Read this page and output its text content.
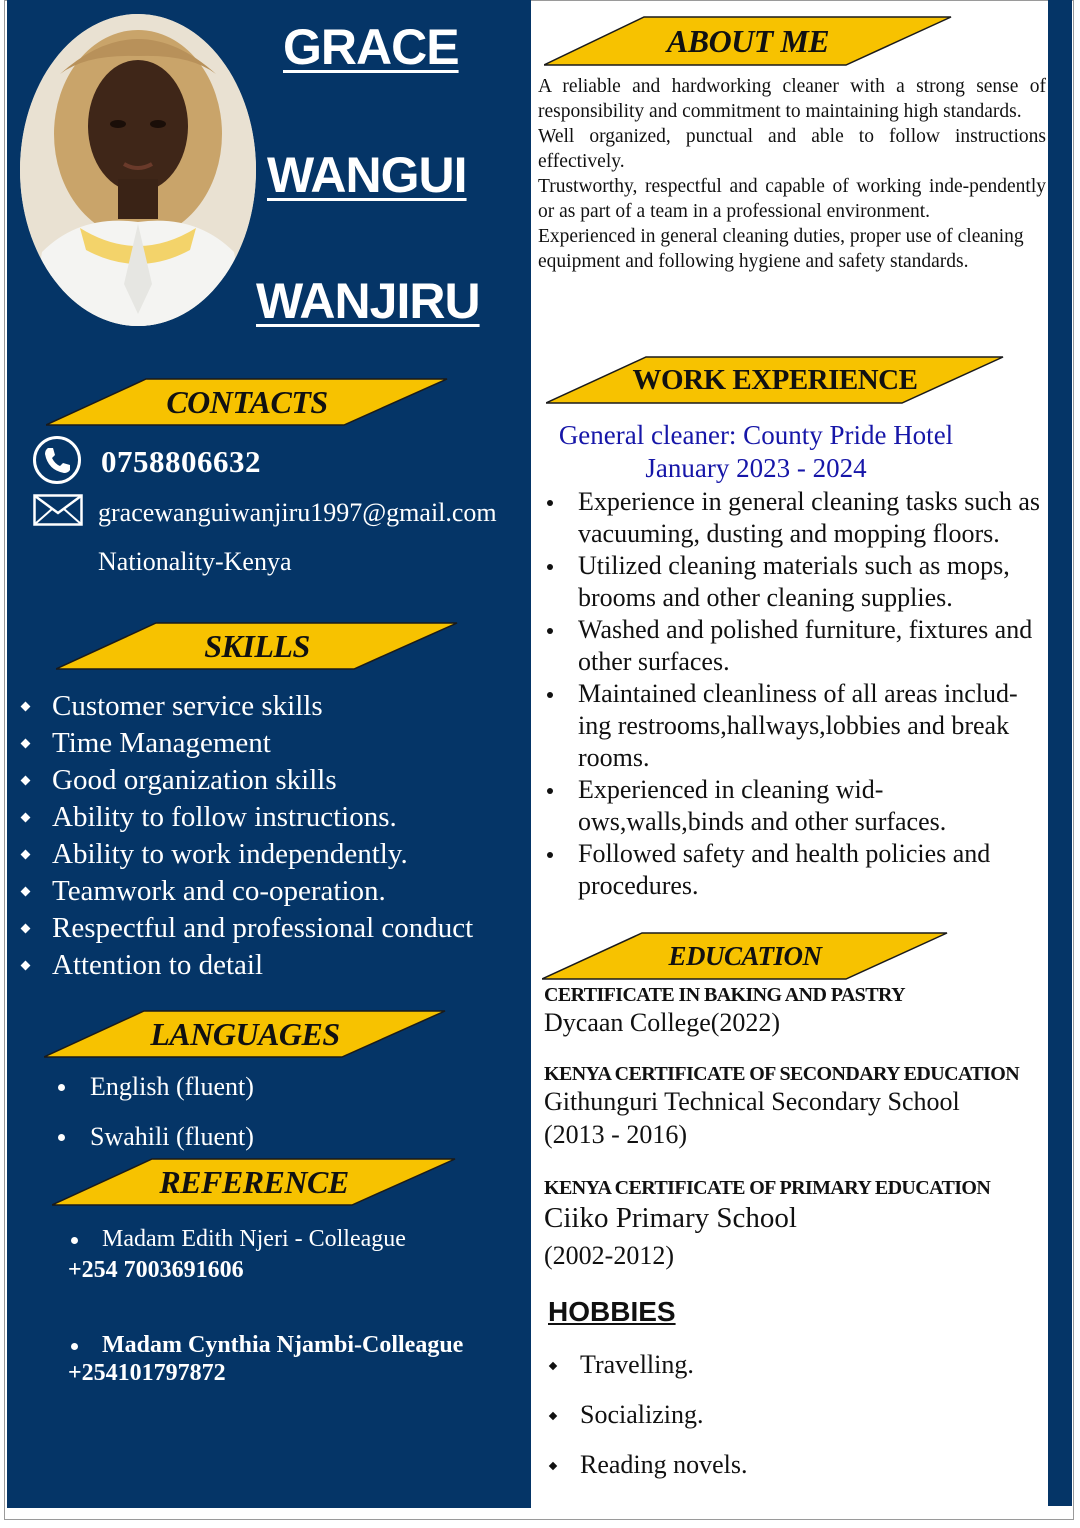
GRACE
WANGUI
WANJIRU
CONTACTS
0758806632
gracewanguiwanjiru1997@gmail.com
Nationality-Kenya
SKILLS
Customer service skills
Time Management
Good organization skills
Ability to follow instructions.
Ability to work independently.
Teamwork and co-operation.
Respectful and professional conduct
Attention to detail
LANGUAGES
English (fluent)
Swahili (fluent)
REFERENCE
Madam Edith Njeri - Colleague
+254 7003691606
Madam Cynthia Njambi-Colleague
+254101797872
ABOUT ME

A reliable and hardworking cleaner with a strong sense of responsibility and commitment to maintaining high standards.

Well organized, punctual and able to follow instructions effectively.

Trustworthy, respectful and capable of working inde-pendently or as part of a team in a professional environment.

Experienced in general cleaning duties, proper use of cleaning equipment and following hygiene and safety standards.

WORK EXPERIENCE
General cleaner: County Pride Hotel
January 2023 - 2024
Experience in general cleaning tasks such as vacuuming, dusting and mopping floors.
Utilized cleaning materials such as mops, brooms and other cleaning supplies.
Washed and polished furniture, fixtures and other surfaces.
Maintained cleanliness of all areas includ-ing restrooms,hallways,lobbies and break rooms.
Experienced in cleaning wid-ows,walls,binds and other surfaces.
Followed safety and health policies and procedures.
EDUCATION
CERTIFICATE IN BAKING AND PASTRY
Dycaan College(2022)
KENYA CERTIFICATE OF SECONDARY EDUCATION
Githunguri Technical Secondary School
(2013 - 2016)
KENYA CERTIFICATE OF PRIMARY EDUCATION
Ciiko Primary School
(2002-2012)
HOBBIES
Travelling.
Socializing.
Reading novels.
